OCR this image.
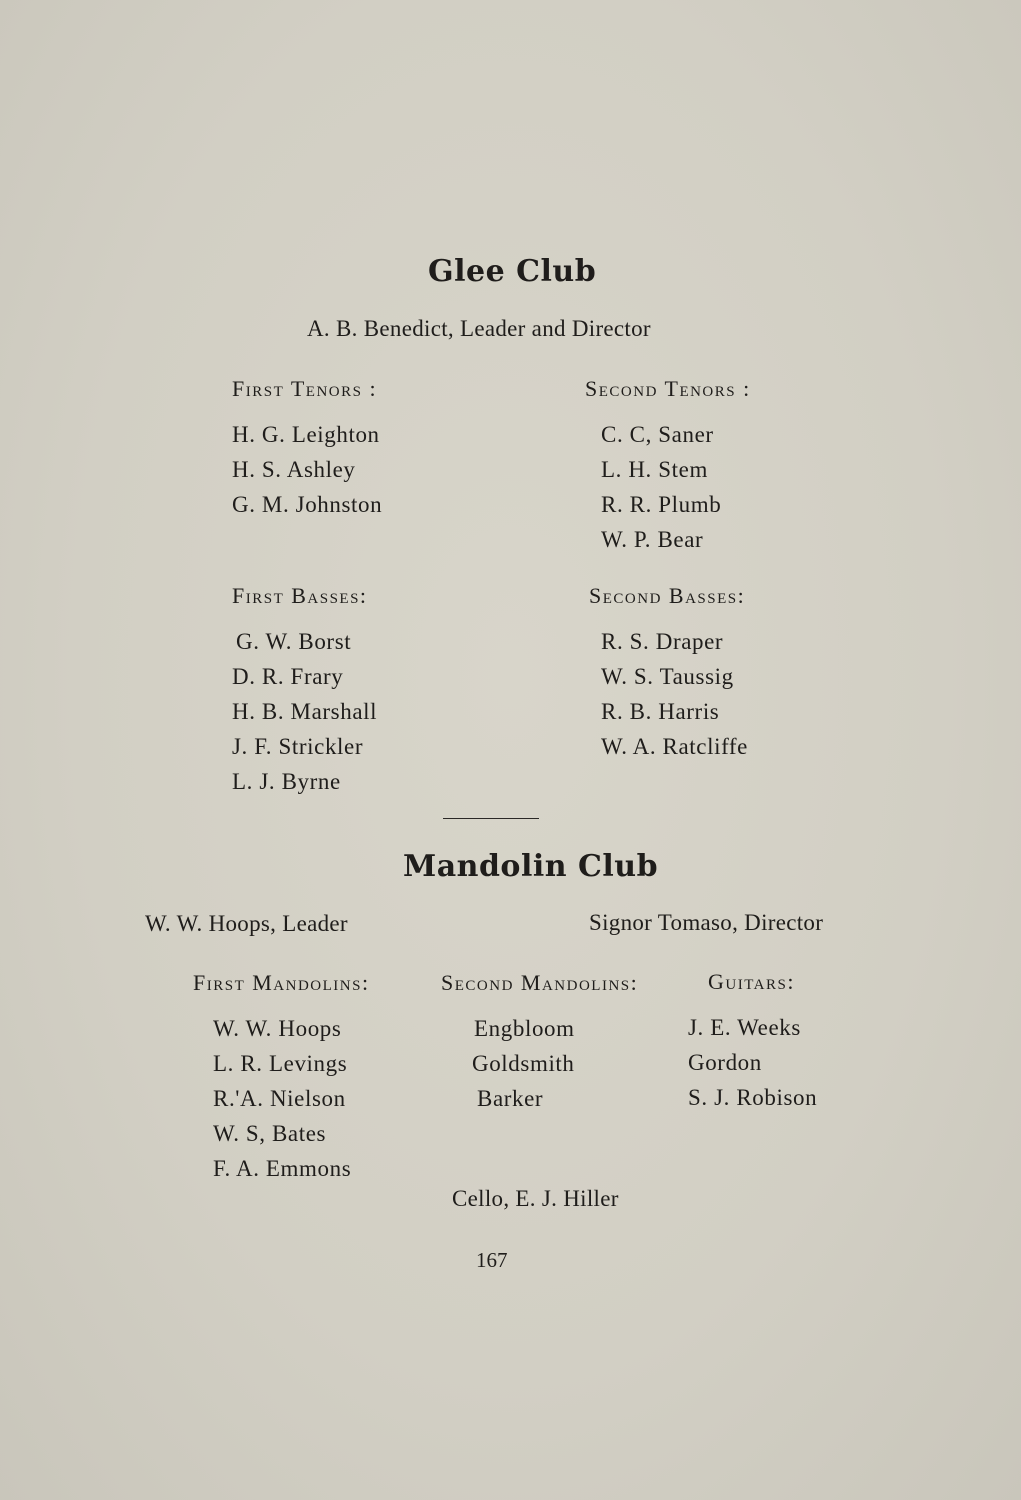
Glee Club
A. B. Benedict, Leader and Director
First Tenors :
H. G. Leighton
H. S. Ashley
G. M. Johnston
Second Tenors :
C. C, Saner
L. H. Stem
R. R. Plumb
W. P. Bear
First Basses:
G. W. Borst
D. R. Frary
H. B. Marshall
J. F. Strickler
L. J. Byrne
Second Basses:
R. S. Draper
W. S. Taussig
R. B. Harris
W. A. Ratcliffe
Mandolin Club
W. W. Hoops, Leader	Signor Tomaso, Director
First Mandolins:
W. W. Hoops
L. R. Levings
R.'A. Nielson
W. S, Bates
F. A. Emmons
Second Mandolins:
Engbloom
Goldsmith
Barker
Guitars:
J. E. Weeks
Gordon
S. J. Robison
Cello, E. J. Hiller
167
